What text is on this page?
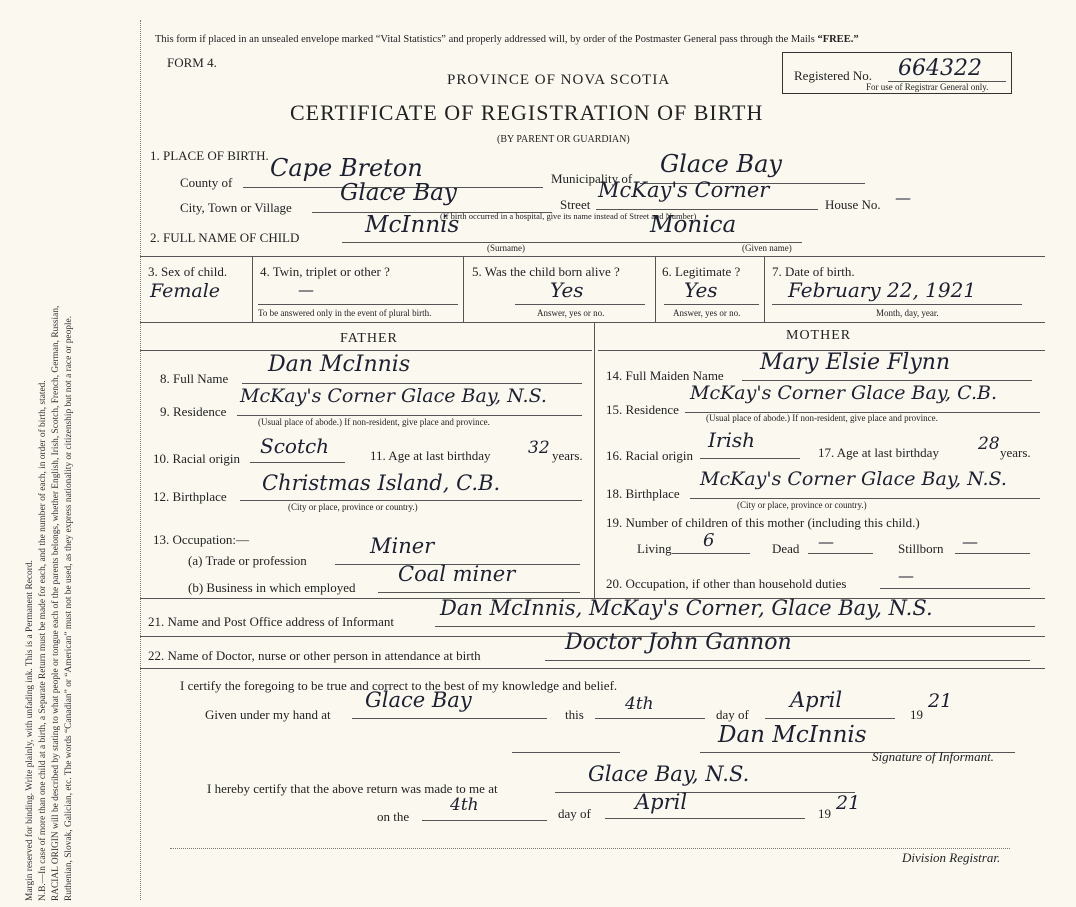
Margin reserved for binding. Write plainly, with unfading ink. This is a Permanent Record. N.B.—In case of more than one child at a birth, a Separate Return must be made for each, and the number of each, in order of birth, stated. RACIAL ORIGIN will be described by stating to what people or tongue each of the parents belongs, whether English, Irish, Scotch, French, German, Russian, Ruthenian, Slovak, Galician, etc. The words “Canadian” or “American” must not be used, as they express nationality or citizenship but not a race or people.
This form if placed in an unsealed envelope marked “Vital Statistics” and properly addressed will, by order of the Postmaster General pass through the Mails “FREE.”
FORM 4.
PROVINCE OF NOVA SCOTIA
CERTIFICATE OF REGISTRATION OF BIRTH
(BY PARENT OR GUARDIAN)
Registered No. 664322
For use of Registrar General only.
1. PLACE OF BIRTH.
County of
Cape Breton	Municipality of
Glace Bay
City, Town or Village
Glace Bay	Street
McKay's Corner
House No. —
(If birth occurred in a hospital, give its name instead of Street and Number)
2. FULL NAME OF CHILD	McInnis	Monica
(Surname)	(Given name)
3. Sex of child.
Female
4. Twin, triplet or other ?
—
To be answered only in the event of plural birth.
5. Was the child born alive ?
Yes
Answer, yes or no.
6. Legitimate ?
Yes
Answer, yes or no.
7. Date of birth.
February 22, 1921
Month, day, year.
FATHER	MOTHER
8. Full Name
Dan McInnis
9. Residence
McKay's Corner Glace Bay, N.S.
(Usual place of abode.) If non-resident, give place and province.
10. Racial origin
Scotch	11. Age at last birthday 32 years.
12. Birthplace
Christmas Island, C.B.
(City or place, province or country.)
13. Occupation:—
(a) Trade or profession
Miner
(b) Business in which employed
Coal miner
14. Full Maiden Name
Mary Elsie Flynn
15. Residence
McKay's Corner Glace Bay, C.B.
(Usual place of abode.) If non-resident, give place and province.
16. Racial origin
Irish
17. Age at last birthday 28 years.
18. Birthplace
McKay's Corner Glace Bay, N.S.
(City or place, province or country.)
19. Number of children of this mother (including this child.)
Living 6	Dead —	Stillborn —
20. Occupation, if other than household duties	—
21. Name and Post Office address of Informant
Dan McInnis, McKay's Corner, Glace Bay, N.S.
22. Name of Doctor, nurse or other person in attendance at birth
Doctor John Gannon
I certify the foregoing to be true and correct to the best of my knowledge and belief.
Given under my hand at
Glace Bay
this
4th
day of
April
19
21
Dan McInnis
Signature of Informant.
I hereby certify that the above return was made to me at
Glace Bay, N.S.
on the
4th	day of April	19 21
Division Registrar.
